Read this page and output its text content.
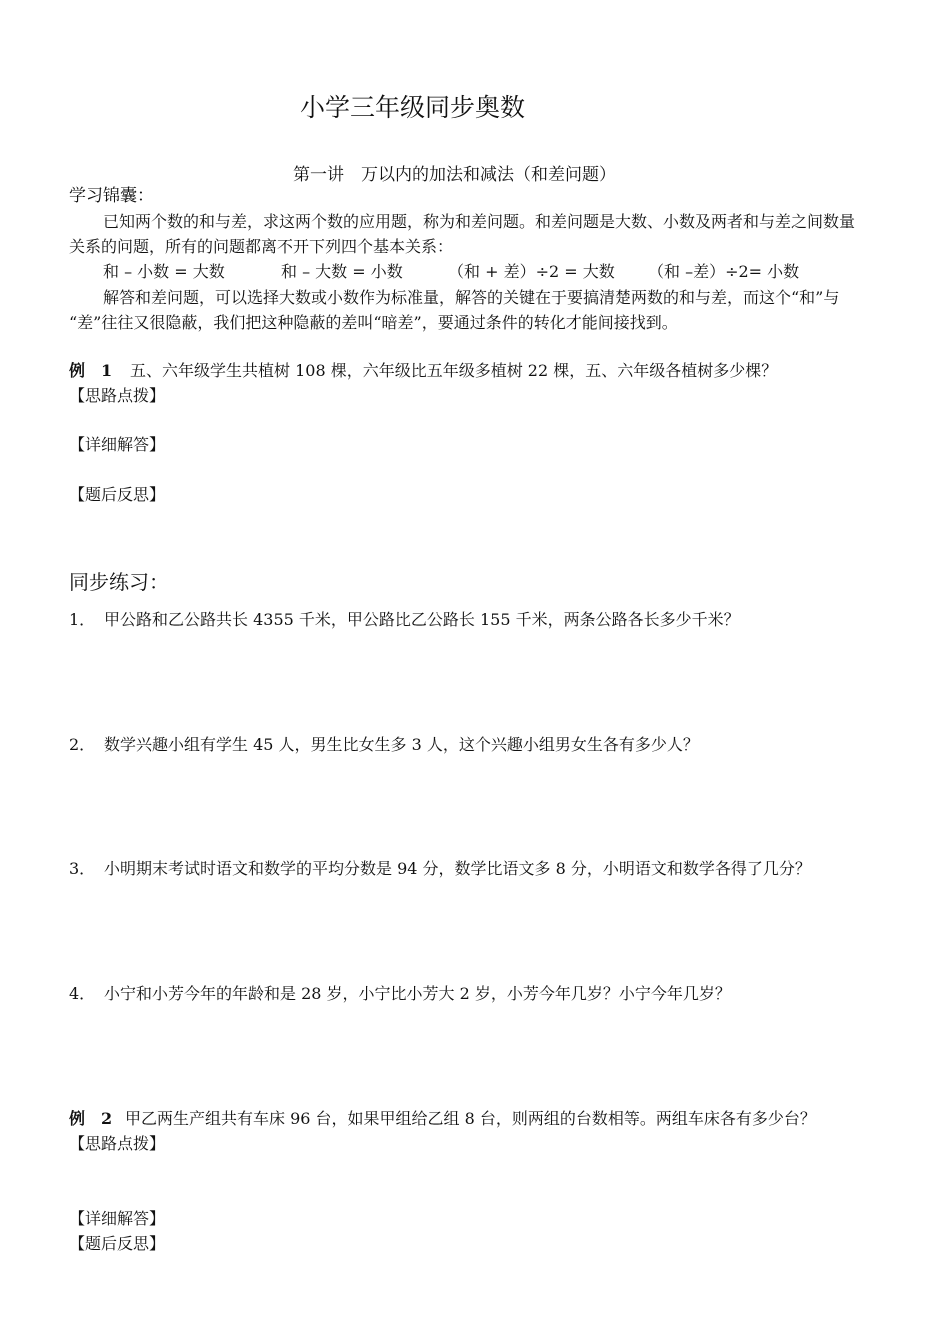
小学三年级同步奥数
第一讲　万以内的加法和减法（和差问题）
学习锦囊：
已知两个数的和与差，求这两个数的应用题，称为和差问题。和差问题是大数、小数及两者和与差之间数量
关系的问题，所有的问题都离不开下列四个基本关系：
和 – 小数 = 大数	和 – 大数 = 小数	（和 + 差）÷2 = 大数 （和 –差）÷2= 小数
解答和差问题，可以选择大数或小数作为标准量，解答的关键在于要搞清楚两数的和与差，而这个“和”与
“差”往往又很隐蔽，我们把这种隐蔽的差叫“暗差”，要通过条件的转化才能间接找到。
例　1 五、六年级学生共植树 108 棵，六年级比五年级多植树 22 棵，五、六年级各植树多少棵？
【思路点拨】
【详细解答】
【题后反思】
同步练习：
1． 甲公路和乙公路共长 4355 千米，甲公路比乙公路长 155 千米，两条公路各长多少千米？
2． 数学兴趣小组有学生 45 人，男生比女生多 3 人，这个兴趣小组男女生各有多少人？
3． 小明期末考试时语文和数学的平均分数是 94 分，数学比语文多 8 分，小明语文和数学各得了几分？
4． 小宁和小芳今年的年龄和是 28 岁，小宁比小芳大 2 岁，小芳今年几岁？小宁今年几岁？
例　2 甲乙两生产组共有车床 96 台，如果甲组给乙组 8 台，则两组的台数相等。两组车床各有多少台？
【思路点拨】
【详细解答】
【题后反思】
